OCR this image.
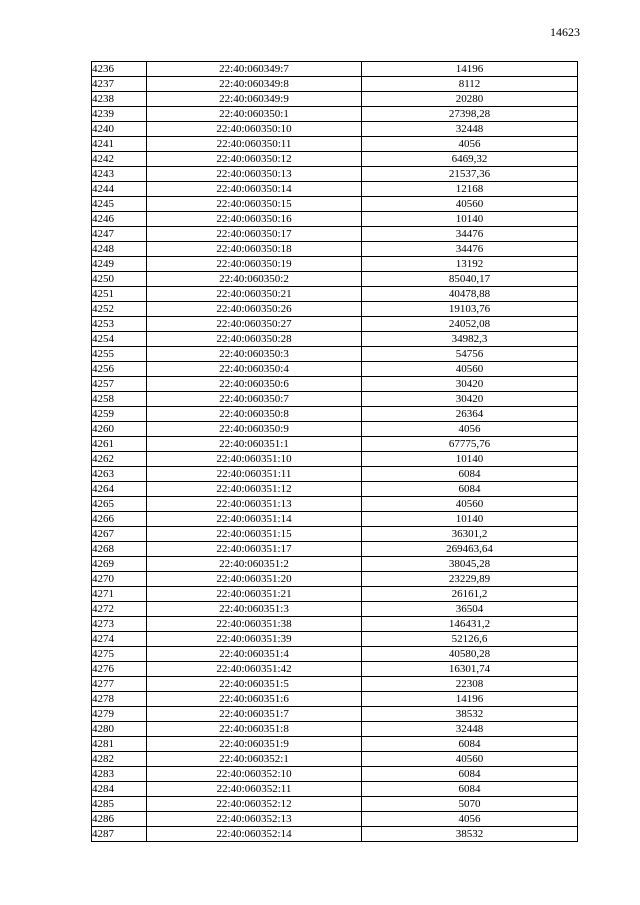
14623
4236	22:40:060349:7	14196
4237	22:40:060349:8	8112
4238	22:40:060349:9	20280
4239	22:40:060350:1	27398,28
4240	22:40:060350:10	32448
4241	22:40:060350:11	4056
4242	22:40:060350:12	6469,32
4243	22:40:060350:13	21537,36
4244	22:40:060350:14	12168
4245	22:40:060350:15	40560
4246	22:40:060350:16	10140
4247	22:40:060350:17	34476
4248	22:40:060350:18	34476
4249	22:40:060350:19	13192
4250	22:40:060350:2	85040,17
4251	22:40:060350:21	40478,88
4252	22:40:060350:26	19103,76
4253	22:40:060350:27	24052,08
4254	22:40:060350:28	34982,3
4255	22:40:060350:3	54756
4256	22:40:060350:4	40560
4257	22:40:060350:6	30420
4258	22:40:060350:7	30420
4259	22:40:060350:8	26364
4260	22:40:060350:9	4056
4261	22:40:060351:1	67775,76
4262	22:40:060351:10	10140
4263	22:40:060351:11	6084
4264	22:40:060351:12	6084
4265	22:40:060351:13	40560
4266	22:40:060351:14	10140
4267	22:40:060351:15	36301,2
4268	22:40:060351:17	269463,64
4269	22:40:060351:2	38045,28
4270	22:40:060351:20	23229,89
4271	22:40:060351:21	26161,2
4272	22:40:060351:3	36504
4273	22:40:060351:38	146431,2
4274	22:40:060351:39	52126,6
4275	22:40:060351:4	40580,28
4276	22:40:060351:42	16301,74
4277	22:40:060351:5	22308
4278	22:40:060351:6	14196
4279	22:40:060351:7	38532
4280	22:40:060351:8	32448
4281	22:40:060351:9	6084
4282	22:40:060352:1	40560
4283	22:40:060352:10	6084
4284	22:40:060352:11	6084
4285	22:40:060352:12	5070
4286	22:40:060352:13	4056
4287	22:40:060352:14	38532
